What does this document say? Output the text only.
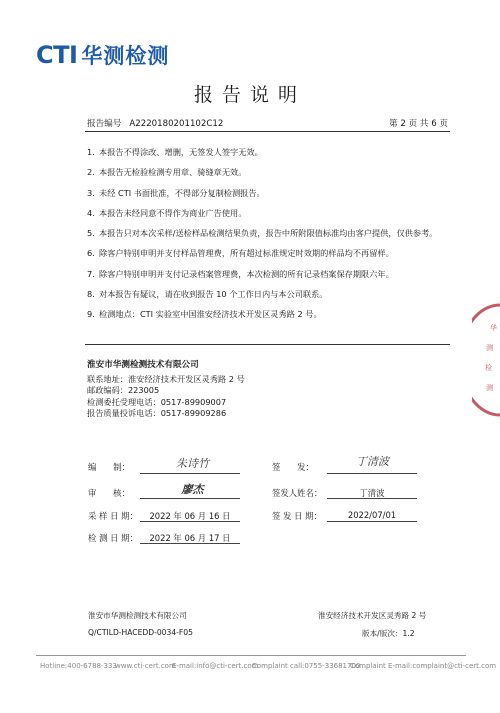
CTI 华测检测
报告说明
报告编号 A2220180201102C12	第 2 页 共 6 页
1. 本报告不得涂改、增删，无签发人签字无效。
2. 本报告无检验检测专用章、骑缝章无效。
3. 未经 CTI 书面批准，不得部分复制检测报告。
4. 本报告未经同意不得作为商业广告使用。
5. 本报告只对本次采样/送检样品检测结果负责，报告中所附限值标准均由客户提供，仅供参考。
6. 除客户特别申明并支付样品管理费，所有超过标准规定时效期的样品均不再留样。
7. 除客户特别申明并支付记录档案管理费，本次检测的所有记录档案保存期限六年。
8. 对本报告有疑议，请在收到报告 10 个工作日内与本公司联系。
9. 检测地点：CTI 实验室中国淮安经济技术开发区灵秀路 2 号。
淮安市华测检测技术有限公司
联系地址：淮安经济技术开发区灵秀路 2 号
邮政编码：223005
检测委托受理电话：0517-89909007
报告质量投诉电话：0517-89909286
编　　制：	朱诗竹	签　　发：	丁清波
审　　核：	廖杰	签发人姓名：	丁清波
采 样 日 期：	2022 年 06 月 16 日	签 发 日 期：	2022/07/01
检 测 日 期：	2022 年 06 月 17 日
华
测
检
测
淮安市华测检测技术有限公司	淮安经济技术开发区灵秀路 2 号
Q/CTILD-HACEDD-0034-F05	版本/版次：1.2
Hotline:400-6788-333
www.cti-cert.com
E-mail:info@cti-cert.com
Complaint call:0755-33681700
Complaint E-mail:complaint@cti-cert.com
